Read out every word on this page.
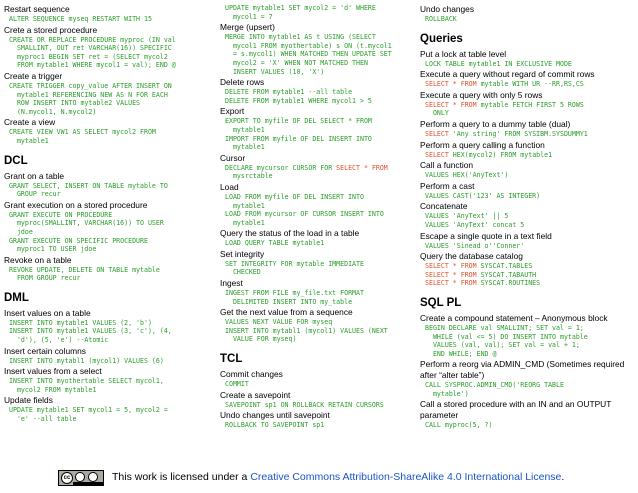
Restart sequence
ALTER SEQUENCE myseq RESTART WITH 15
Crete a stored procedure
CREATE OR REPLACE PROCEDURE myproc (IN val
SMALLINT, OUT ret VARCHAR(16)) SPECIFIC
myproc1 BEGIN SET ret = (SELECT mycol2
FROM mytable1 WHERE mycol1 = val); END @
Create a trigger
CREATE TRIGGER copy_value AFTER INSERT ON
mytable1 REFERENCING NEW AS N FOR EACH
ROW INSERT INTO mytable2 VALUES
(N.mycol1, N.mycol2)
Create a view
CREATE VIEW VW1 AS SELECT mycol2 FROM
mytable1
DCL
Grant on a table
GRANT SELECT, INSERT ON TABLE mytable TO
GROUP recur
Grant execution on a stored procedure
GRANT EXECUTE ON PROCEDURE
myproc(SMALLINT, VARCHAR(16)) TO USER
jdoe
GRANT EXECUTE ON SPECIFIC PROCEDURE
myproc1 TO USER jdoe
Revoke on a table
REVOKE UPDATE, DELETE ON TABLE mytable
FROM GROUP recur
DML
Insert values on a table
INSERT INTO mytable1 VALUES (2, 'b')
INSERT INTO mytable1 VALUES (3, 'c'), (4,
'd'), (5, 'e') --Atomic
Insert certain columns
INSERT INTO mytabl1 (mycol1) VALUES (6)
Insert values from a select
INSERT INTO myothertable SELECT mycol1,
mycol2 FROM mytable1
Update fields
UPDATE mytable1 SET mycol1 = 5, mycol2 =
'e' --all table
UPDATE mytable1 SET mycol2 = 'd' WHERE
mycol1 = 7
Merge (upsert)
MERGE INTO mytable1 AS t USING (SELECT
mycol1 FROM myothertable) s ON (t.mycol1
= s.mycol1) WHEN MATCHED THEN UPDATE SET
mycol2 = 'X' WHEN NOT MATCHED THEN
INSERT VALUES (10, 'X')
Delete rows
DELETE FROM mytable1 --all table
DELETE FROM mytable1 WHERE mycol1 > 5
Export
EXPORT TO myfile OF DEL SELECT * FROM
mytable1
IMPORT FROM myfile OF DEL INSERT INTO
mytable1
Cursor
DECLARE mycursor CURSOR FOR SELECT * FROM
mysrctable
Load
LOAD FROM myfile OF DEL INSERT INTO
mytable1
LOAD FROM mycursor OF CURSOR INSERT INTO
mytable1
Query the status of the load in a table
LOAD QUERY TABLE mytable1
Set integrity
SET INTEGRITY FOR mytable IMMEDIATE
CHECKED
Ingest
INGEST FROM FILE my_file.txt FORMAT
DELIMITED INSERT INTO my_table
Get the next value from a sequence
VALUES NEXT VALUE FOR myseq
INSERT INTO mytabl1 (mycol1) VALUES (NEXT
VALUE FOR myseq)
TCL
Commit changes
COMMIT
Create a savepoint
SAVEPOINT sp1 ON ROLLBACK RETAIN CURSORS
Undo changes until savepoint
ROLLBACK TO SAVEPOINT sp1
Undo changes
ROLLBACK
Queries
Put a lock at table level
LOCK TABLE mytable1 IN EXCLUSIVE MODE
Execute a query without regard of commit rows
SELECT * FROM mytable WITH UR --RR,RS,CS
Execute a query with only 5 rows
SELECT * FROM mytable FETCH FIRST 5 ROWS
ONLY
Perform a query to a dummy table (dual)
SELECT 'Any string' FROM SYSIBM.SYSDUMMY1
Perform a query calling a function
SELECT HEX(mycol2) FROM mytable1
Call a function
VALUES HEX('AnyText')
Perform a cast
VALUES CAST('123' AS INTEGER)
Concatenate
VALUES 'AnyText' || 5
VALUES 'AnyText' concat 5
Escape a single quote in a text field
VALUES 'Sinead o''Conner'
Query the database catalog
SELECT * FROM SYSCAT.TABLES
SELECT * FROM SYSCAT.TABAUTH
SELECT * FROM SYSCAT.ROUTINES
SQL PL
Create a compound statement – Anonymous block
BEGIN DECLARE val SMALLINT; SET val = 1;
WHILE (val <= 5) DO INSERT INTO mytable
VALUES (val, val); SET val = val + 1;
END WHILE; END @
Perform a reorg via ADMIN_CMD (Sometimes required after “alter table”)
CALL SYSPROC.ADMIN_CMD('REORG TABLE
mytable')
Call a stored procedure with an IN and an OUTPUT parameter
CALL myproc(5, ?)
cc	This work is licensed under a Creative Commons Attribution-ShareAlike 4.0 International License.
